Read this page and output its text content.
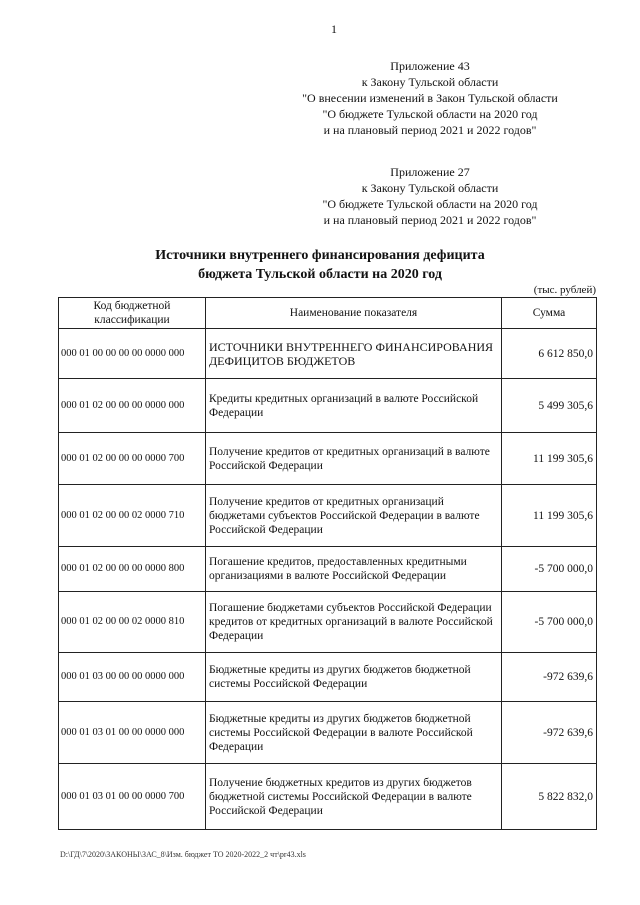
1
Приложение 43
к Закону Тульской области
"О внесении изменений в Закон Тульской области
"О бюджете Тульской области на 2020 год
и на плановый период 2021 и 2022 годов"
Приложение 27
к Закону Тульской области
"О бюджете Тульской области на 2020 год
и на плановый период 2021 и 2022 годов"
Источники внутреннего финансирования дефицита
бюджета Тульской области на 2020 год
(тыс. рублей)
Код бюджетной классификации	Наименование показателя	Сумма
000 01 00 00 00 00 0000 000	ИСТОЧНИКИ ВНУТРЕННЕГО ФИНАНСИРОВАНИЯ ДЕФИЦИТОВ БЮДЖЕТОВ	6 612 850,0
000 01 02 00 00 00 0000 000	Кредиты кредитных организаций в валюте Российской Федерации	5 499 305,6
000 01 02 00 00 00 0000 700	Получение кредитов от кредитных организаций в валюте Российской Федерации	11 199 305,6
000 01 02 00 00 02 0000 710	Получение кредитов от кредитных организаций бюджетами субъектов Российской Федерации в валюте Российской Федерации	11 199 305,6
000 01 02 00 00 00 0000 800	Погашение кредитов, предоставленных кредитными организациями в валюте Российской Федерации	-5 700 000,0
000 01 02 00 00 02 0000 810	Погашение бюджетами субъектов Российской Федерации кредитов от кредитных организаций в валюте Российской Федерации	-5 700 000,0
000 01 03 00 00 00 0000 000	Бюджетные кредиты из других бюджетов бюджетной системы Российской Федерации	-972 639,6
000 01 03 01 00 00 0000 000	Бюджетные кредиты из других бюджетов бюджетной системы Российской Федерации в валюте Российской Федерации	-972 639,6
000 01 03 01 00 00 0000 700	Получение бюджетных кредитов из других бюджетов бюджетной системы Российской Федерации в валюте Российской Федерации	5 822 832,0
D:\ГД\7\2020\ЗАКОНЫ\ЗАС_8\Изм. бюджет ТО 2020-2022_2 чт\pr43.xls
